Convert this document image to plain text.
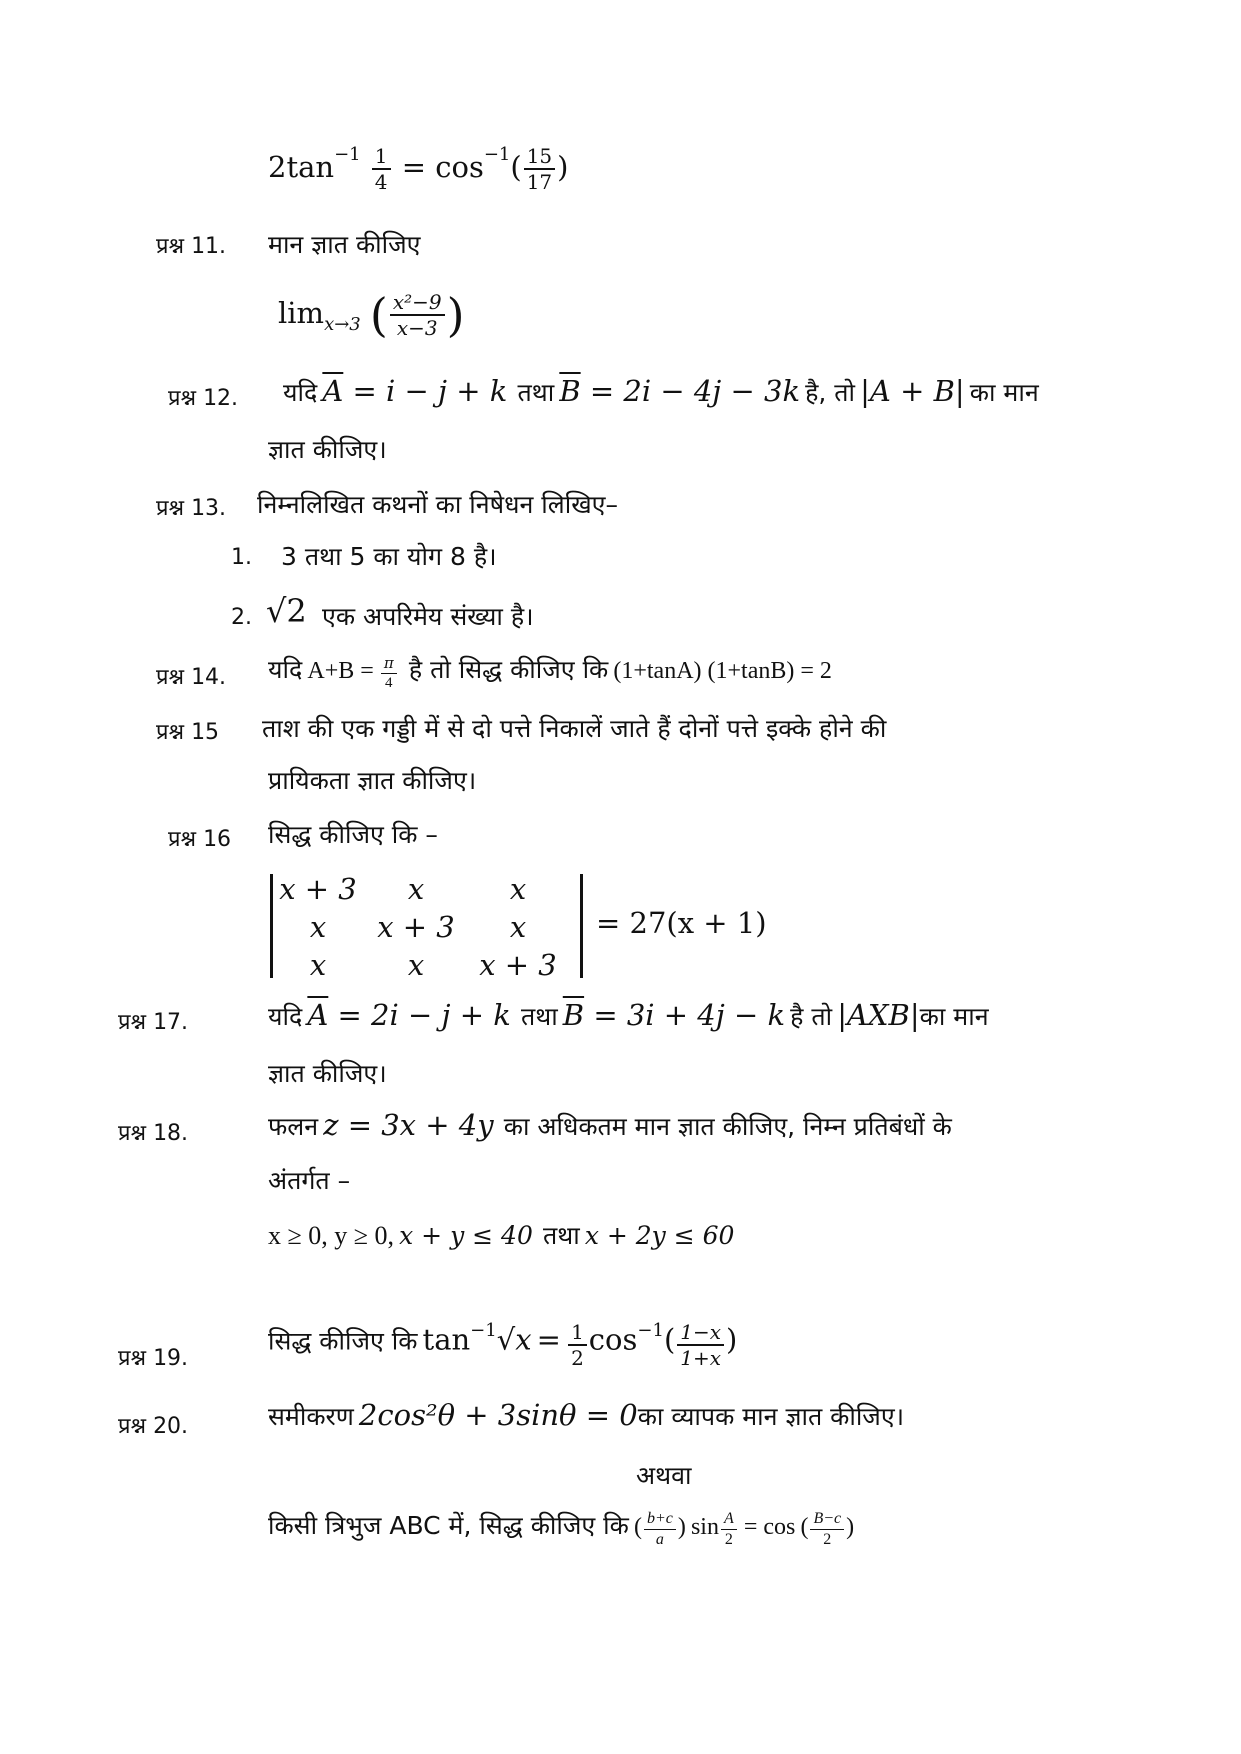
$2\tan^{-1} \frac{1}{4} = \cos^{-1}( \frac{15}{17}$ )
प्रश्न 11. मान ज्ञात कीजिए
$\lim_{x\to 3}$ ( $\frac{\text{x²−9}}{x-3}$ )
प्रश्न 12. यदि $\overline{A} = i - j + k$ तथा $\overline{B} = 2i - 4j - 3k$ है, तो |A + B| का मान
ज्ञात कीजिए।
प्रश्न 13. निम्नलिखित कथनों का निषेधन लिखिए–
1. 3 तथा 5 का योग 8 है।
2. √2 एक अपरिमेय संख्या है।
प्रश्न 14. यदि $A+B = \frac{\pi}{4}$ है तो सिद्ध कीजिए कि (1+tanA) (1+tanB) = 2
प्रश्न 15 ताश की एक गड्डी में से दो पत्ते निकालें जाते हैं दोनों पत्ते इक्के होने की
प्रायिकता ज्ञात कीजिए।
प्रश्न 16 सिद्ध कीजिए कि –
x + 3	x	x
x	x + 3	x
x	x	x + 3
= 27(x + 1)
प्रश्न 17.	यदि $\overline{A} = 2i - j + k$ तथा $\overline{B} = 3i + 4j - k$ है तो |AXB|का मान
ज्ञात कीजिए।
प्रश्न 18.	फलन z = 3x + 4y का अधिकतम मान ज्ञात कीजिए, निम्न प्रतिबंधों के
अंतर्गत –
x ≥ 0, y ≥ 0, x + y ≤ 40 तथा x + 2y ≤ 60
प्रश्न 19.
सिद्ध कीजिए कि $\tan^{-1}√x = \frac{1}{2} \cos^{-1}( \frac{1-x}{1+x}$ )
प्रश्न 20.	समीकरण 2cos²θ + 3sinθ = 0का व्यापक मान ज्ञात कीजिए।
अथवा
किसी त्रिभुज ABC में, सिद्ध कीजिए कि ( $\frac{b+c}{a}$ ) $\sin \frac{A}{2} = \cos$ ( $\frac{B-c}{2}$ )
